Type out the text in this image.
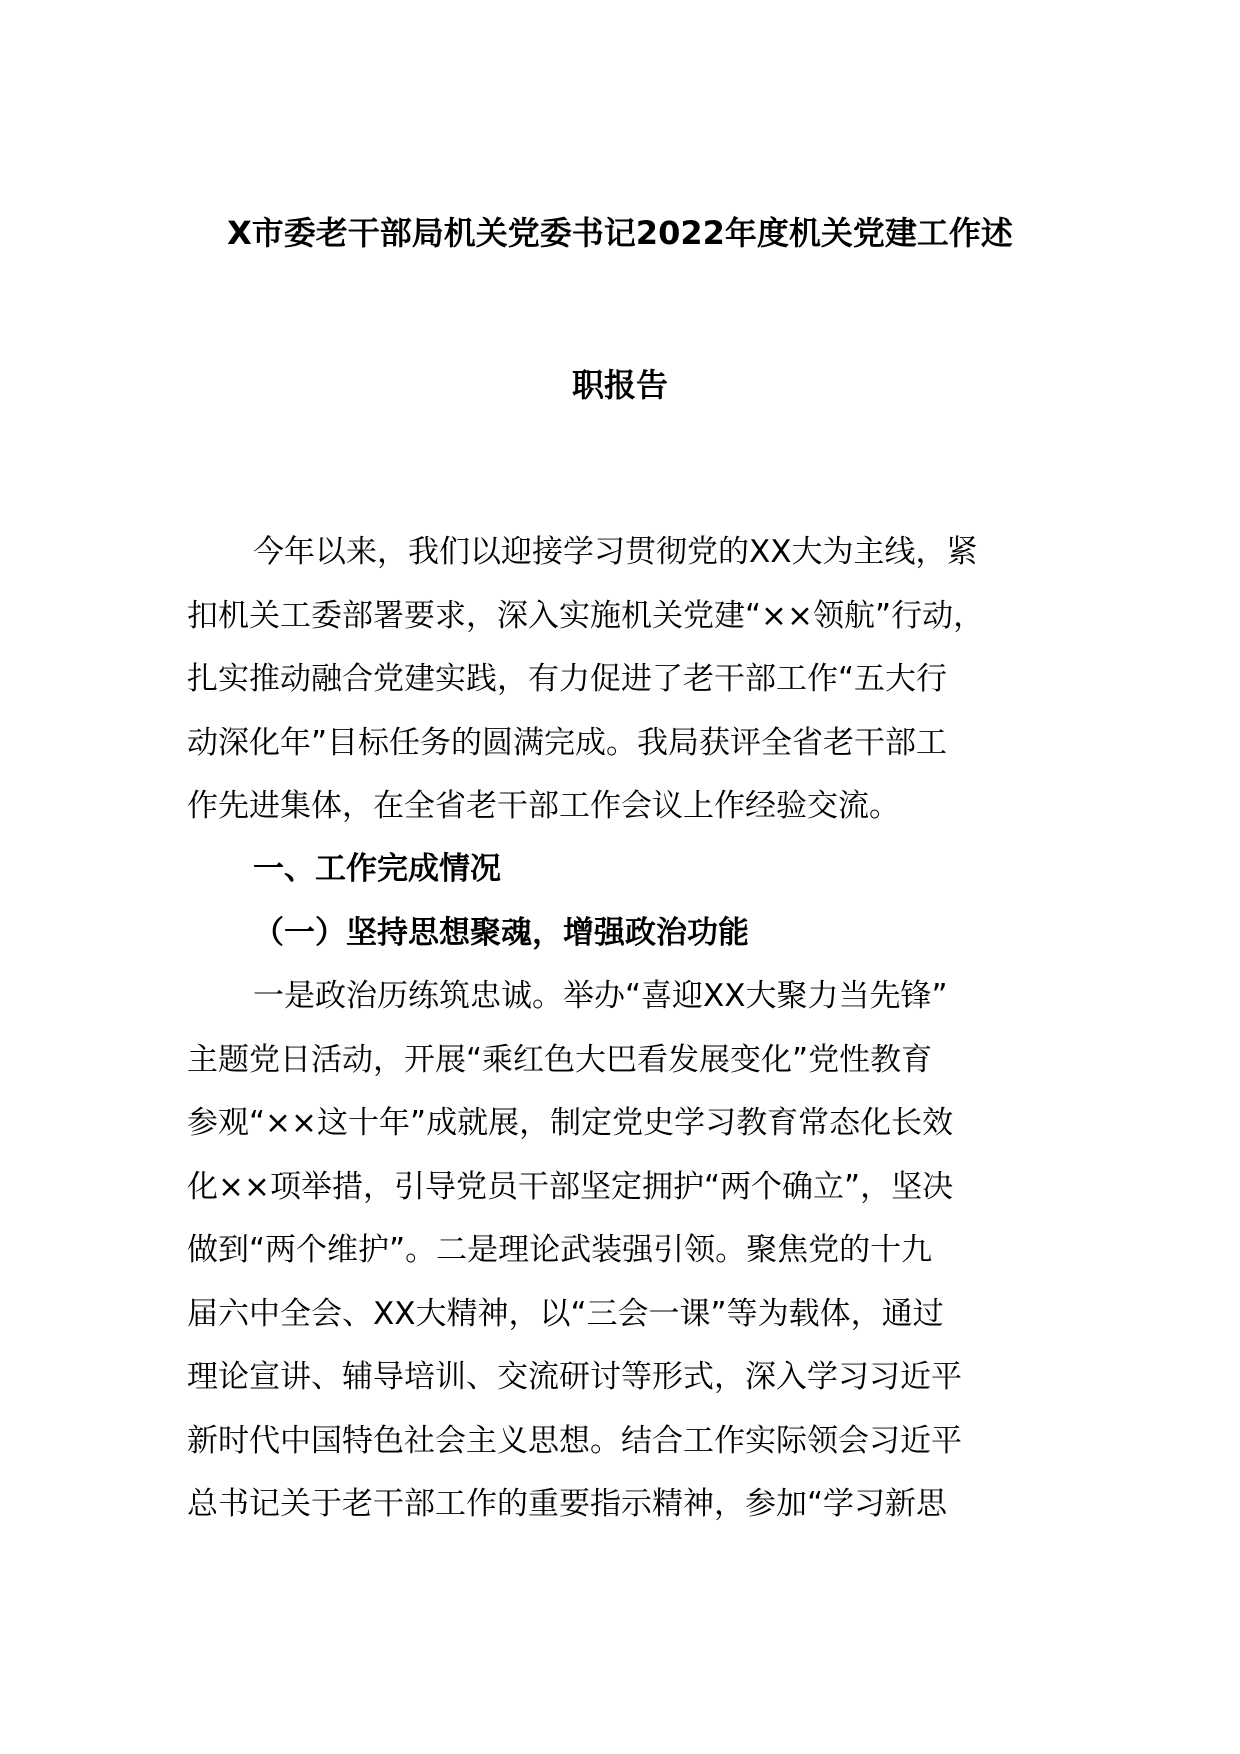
X市委老干部局机关党委书记2022年度机关党建工作述
职报告
今年以来，我们以迎接学习贯彻党的XX大为主线，紧
扣机关工委部署要求，深入实施机关党建“××领航”行动，
扎实推动融合党建实践，有力促进了老干部工作“五大行
动深化年”目标任务的圆满完成。我局获评全省老干部工
作先进集体，在全省老干部工作会议上作经验交流。
一、工作完成情况
（一）坚持思想聚魂，增强政治功能
一是政治历练筑忠诚。举办“喜迎XX大聚力当先锋”
主题党日活动，开展“乘红色大巴看发展变化”党性教育
参观“××这十年”成就展，制定党史学习教育常态化长效
化××项举措，引导党员干部坚定拥护“两个确立”，坚决
做到“两个维护”。二是理论武装强引领。聚焦党的十九
届六中全会、XX大精神，以“三会一课”等为载体，通过
理论宣讲、辅导培训、交流研讨等形式，深入学习习近平
新时代中国特色社会主义思想。结合工作实际领会习近平
总书记关于老干部工作的重要指示精神，参加“学习新思
